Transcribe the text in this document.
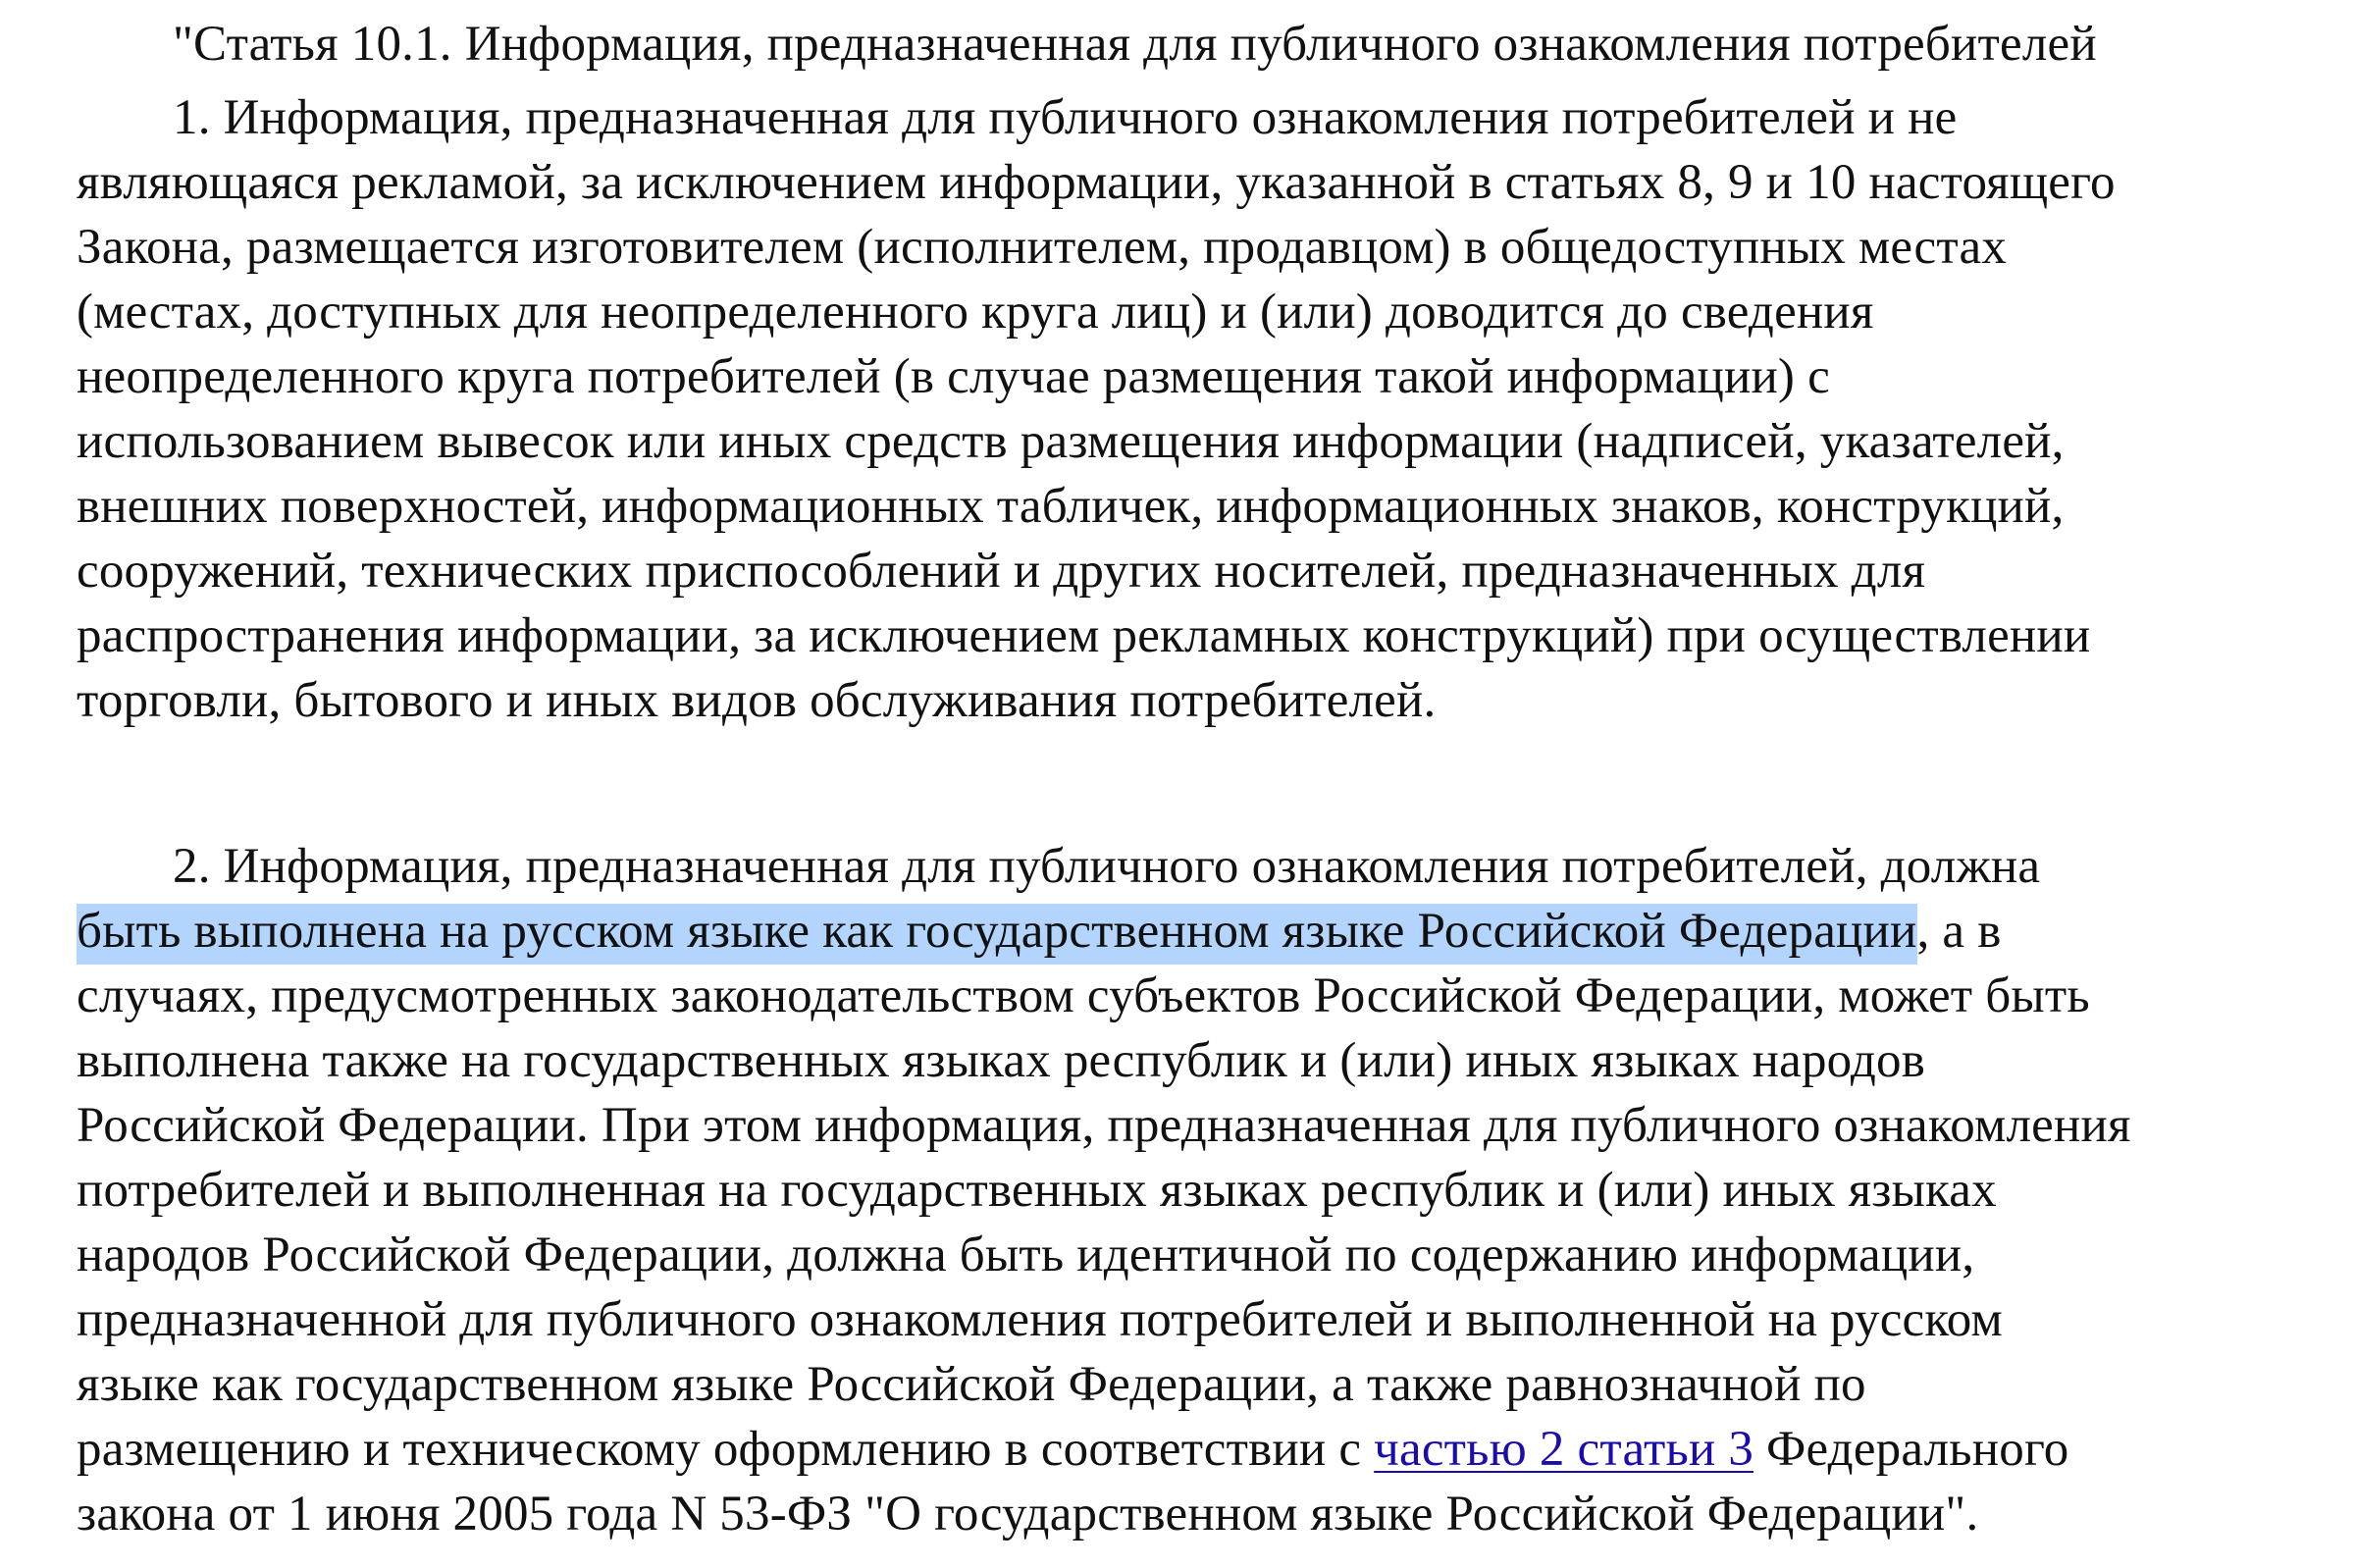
"Статья 10.1. Информация, предназначенная для публичного ознакомления потребителей
1. Информация, предназначенная для публичного ознакомления потребителей и не
являющаяся рекламой, за исключением информации, указанной в статьях 8, 9 и 10 настоящего
Закона, размещается изготовителем (исполнителем, продавцом) в общедоступных местах
(местах, доступных для неопределенного круга лиц) и (или) доводится до сведения
неопределенного круга потребителей (в случае размещения такой информации) с
использованием вывесок или иных средств размещения информации (надписей, указателей,
внешних поверхностей, информационных табличек, информационных знаков, конструкций,
сооружений, технических приспособлений и других носителей, предназначенных для
распространения информации, за исключением рекламных конструкций) при осуществлении
торговли, бытового и иных видов обслуживания потребителей.
2. Информация, предназначенная для публичного ознакомления потребителей, должна
быть выполнена на русском языке как государственном языке Российской Федерации, а в
случаях, предусмотренных законодательством субъектов Российской Федерации, может быть
выполнена также на государственных языках республик и (или) иных языках народов
Российской Федерации. При этом информация, предназначенная для публичного ознакомления
потребителей и выполненная на государственных языках республик и (или) иных языках
народов Российской Федерации, должна быть идентичной по содержанию информации,
предназначенной для публичного ознакомления потребителей и выполненной на русском
языке как государственном языке Российской Федерации, а также равнозначной по
размещению и техническому оформлению в соответствии с частью 2 статьи 3 Федерального
закона от 1 июня 2005 года N 53-ФЗ "О государственном языке Российской Федерации".
